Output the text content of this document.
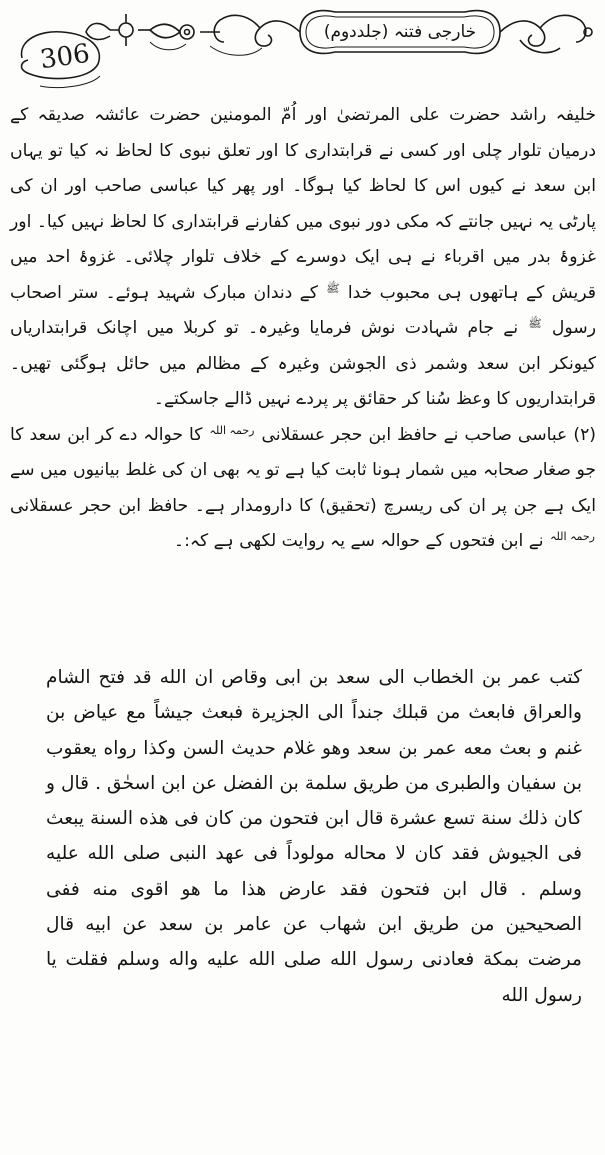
خارجی فتنہ (جلددوم)
306

خلیفہ راشد حضرت علی المرتضیٰ اور اُمّ المومنین حضرت عائشہ صدیقہ کے درمیان تلوار چلی اور کسی نے قرابتداری کا اور تعلق نبوی کا لحاظ نہ کیا تو یہاں ابن سعد نے کیوں اس کا لحاظ کیا ہوگا۔ اور پھر کیا عباسی صاحب اور ان کی پارٹی یہ نہیں جانتے کہ مکی دور نبوی میں کفارنے قرابتداری کا لحاظ نہیں کیا۔ اور غزوۂ بدر میں اقرباء نے ہی ایک دوسرے کے خلاف تلوار چلائی۔ غزوۂ احد میں قریش کے ہاتھوں ہی محبوب خدا ﷺ کے دندان مبارک شہید ہوئے۔ ستر اصحاب رسول ﷺ نے جام شہادت نوش فرمایا وغیرہ۔ تو کربلا میں اچانک قرابتداریاں کیونکر ابن سعد وشمر ذی الجوشن وغیرہ کے مظالم میں حائل ہوگئی تھیں۔ قرابتداریوں کا وعظ سُنا کر حقائق پر پردے نہیں ڈالے جاسکتے۔

(۲) عباسی صاحب نے حافظ ابن حجر عسقلانی رحمہ اللہ کا حوالہ دے کر ابن سعد کا جو صغار صحابہ میں شمار ہونا ثابت کیا ہے تو یہ بھی ان کی غلط بیانیوں میں سے ایک ہے جن پر ان کی ریسرچ (تحقیق) کا دارومدار ہے۔ حافظ ابن حجر عسقلانی رحمہ اللہ نے ابن فتحوں کے حوالہ سے یہ روایت لکھی ہے کہ:۔

كتب عمر بن الخطاب الى سعد بن ابى وقاص ان الله قد فتح الشام والعراق فابعث من قبلك جنداً الى الجزيرة فبعث جيشاً مع عياض بن غنم و بعث معه عمر بن سعد وهو غلام حديث السن وكذا رواه يعقوب بن سفيان والطبرى من طريق سلمة بن الفضل عن ابن اسحٰق . قال و كان ذلك سنة تسع عشرة قال ابن فتحون من كان فى هذه السنة يبعث فى الجيوش فقد كان لا محاله مولوداً فى عهد النبى صلى الله عليه وسلم . قال ابن فتحون فقد عارض هذا ما هو اقوى منه ففى الصحيحين من طريق ابن شهاب عن عامر بن سعد عن ابيه قال مرضت بمكة فعادنى رسول الله صلى الله عليه واله وسلم فقلت يا رسول الله
